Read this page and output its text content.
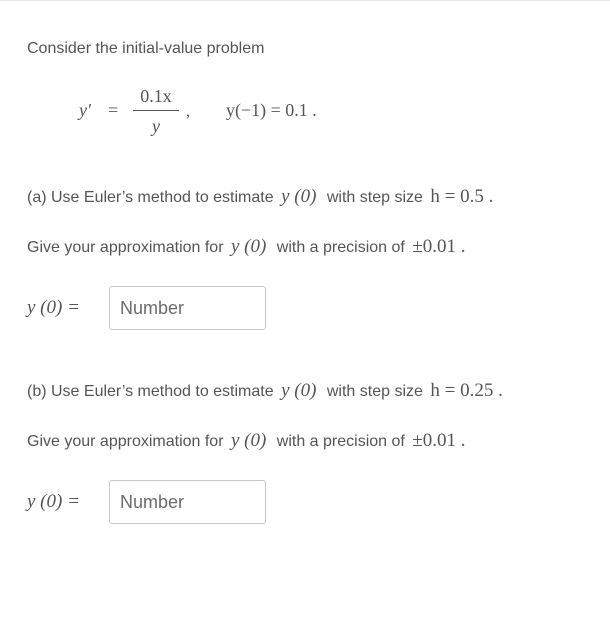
Consider the initial-value problem
y′ =
0.1x
y
, y(−1) = 0.1 .
(a) Use Euler’s method to estimate y (0) with step size h = 0.5 .
Give your approximation for y (0) with a precision of ±0.01 .
y (0) =
Number
(b) Use Euler’s method to estimate y (0) with step size h = 0.25 .
Give your approximation for y (0) with a precision of ±0.01 .
y (0) =
Number
